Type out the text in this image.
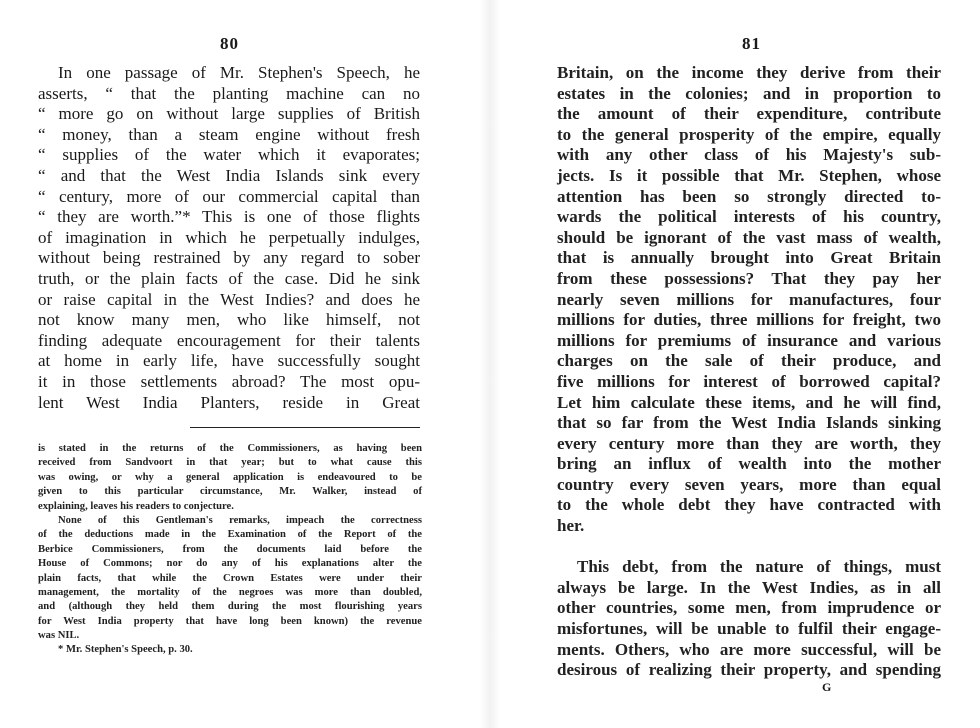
80
In one passage of Mr. Stephen's Speech, he
asserts, “ that the planting machine can no
“ more go on without large supplies of British
“ money, than a steam engine without fresh
“ supplies of the water which it evaporates;
“ and that the West India Islands sink every
“ century, more of our commercial capital than
“ they are worth.”* This is one of those flights
of imagination in which he perpetually indulges,
without being restrained by any regard to sober
truth, or the plain facts of the case. Did he sink
or raise capital in the West Indies? and does he
not know many men, who like himself, not
finding adequate encouragement for their talents
at home in early life, have successfully sought
it in those settlements abroad? The most opu-
lent West India Planters, reside in Great
is stated in the returns of the Commissioners, as having been
received from Sandvoort in that year; but to what cause this
was owing, or why a general application is endeavoured to be
given to this particular circumstance, Mr. Walker, instead of
explaining, leaves his readers to conjecture.
None of this Gentleman's remarks, impeach the correctness
of the deductions made in the Examination of the Report of the
Berbice Commissioners, from the documents laid before the
House of Commons; nor do any of his explanations alter the
plain facts, that while the Crown Estates were under their
management, the mortality of the negroes was more than doubled,
and (although they held them during the most flourishing years
for West India property that have long been known) the revenue
was NIL.
* Mr. Stephen's Speech, p. 30.
81
Britain, on the income they derive from their
estates in the colonies; and in proportion to
the amount of their expenditure, contribute
to the general prosperity of the empire, equally
with any other class of his Majesty's sub-
jects. Is it possible that Mr. Stephen, whose
attention has been so strongly directed to-
wards the political interests of his country,
should be ignorant of the vast mass of wealth,
that is annually brought into Great Britain
from these possessions? That they pay her
nearly seven millions for manufactures, four
millions for duties, three millions for freight, two
millions for premiums of insurance and various
charges on the sale of their produce, and
five millions for interest of borrowed capital?
Let him calculate these items, and he will find,
that so far from the West India Islands sinking
every century more than they are worth, they
bring an influx of wealth into the mother
country every seven years, more than equal
to the whole debt they have contracted with
her.
This debt, from the nature of things, must
always be large. In the West Indies, as in all
other countries, some men, from imprudence or
misfortunes, will be unable to fulfil their engage-
ments. Others, who are more successful, will be
desirous of realizing their property, and spending
G
